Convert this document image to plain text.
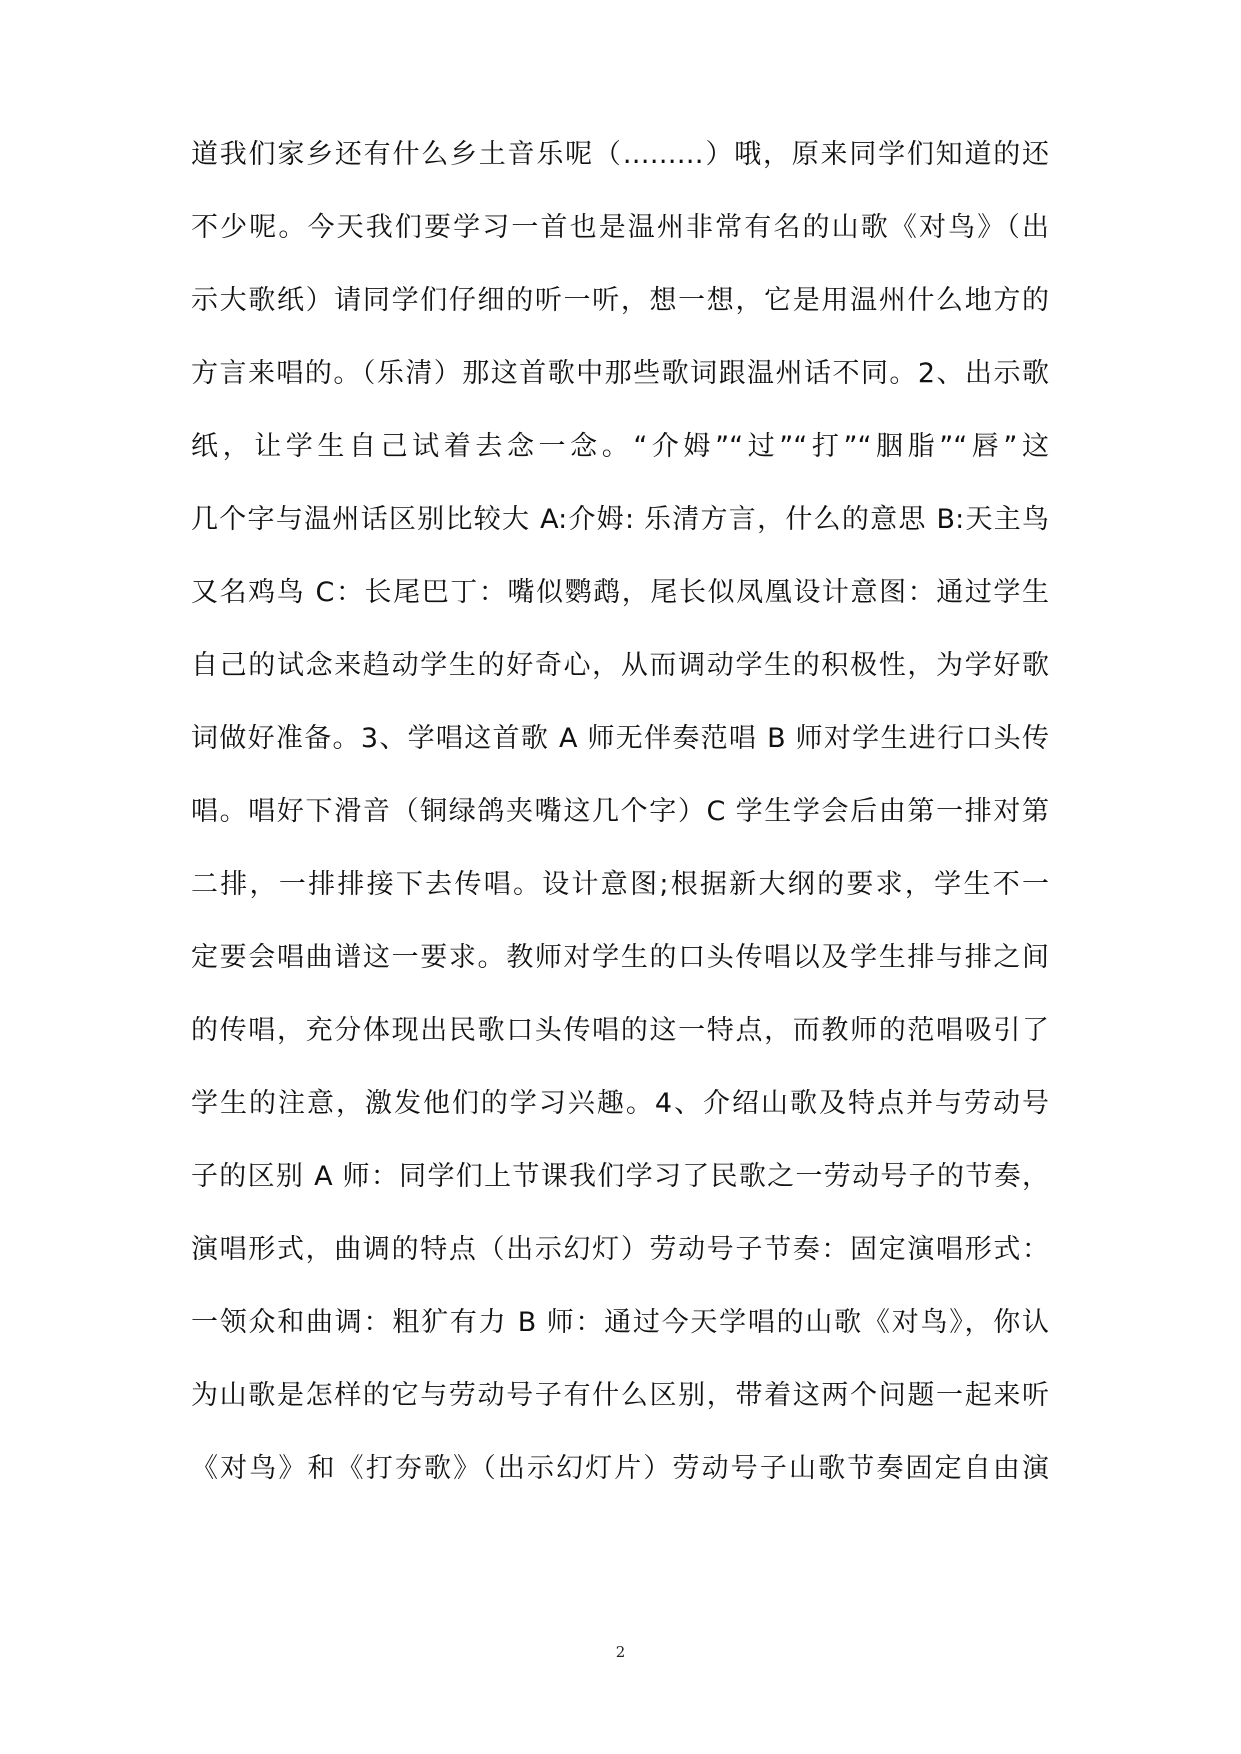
道我们家乡还有什么乡土音乐呢（………）哦，原来同学们知道的还
不少呢。今天我们要学习一首也是温州非常有名的山歌《对鸟》（出
示大歌纸）请同学们仔细的听一听，想一想，它是用温州什么地方的
方言来唱的。（乐清）那这首歌中那些歌词跟温州话不同。2、出示歌
纸，让学生自己试着去念一念。“介姆”“过”“打”“胭脂”“唇”这
几个字与温州话区别比较大 A:介姆: 乐清方言，什么的意思 B:天主鸟
又名鸡鸟 C：长尾巴丁：嘴似鹦鹉，尾长似凤凰设计意图：通过学生
自己的试念来趋动学生的好奇心，从而调动学生的积极性，为学好歌
词做好准备。3、学唱这首歌 A 师无伴奏范唱 B 师对学生进行口头传
唱。唱好下滑音（铜绿鸽夹嘴这几个字）C 学生学会后由第一排对第
二排，一排排接下去传唱。设计意图;根据新大纲的要求，学生不一
定要会唱曲谱这一要求。教师对学生的口头传唱以及学生排与排之间
的传唱，充分体现出民歌口头传唱的这一特点，而教师的范唱吸引了
学生的注意，激发他们的学习兴趣。4、介绍山歌及特点并与劳动号
子的区别 A 师：同学们上节课我们学习了民歌之一劳动号子的节奏，
演唱形式，曲调的特点（出示幻灯）劳动号子节奏：固定演唱形式：
一领众和曲调：粗犷有力 B 师：通过今天学唱的山歌《对鸟》，你认
为山歌是怎样的它与劳动号子有什么区别，带着这两个问题一起来听
《对鸟》和《打夯歌》（出示幻灯片）劳动号子山歌节奏固定自由演
2
